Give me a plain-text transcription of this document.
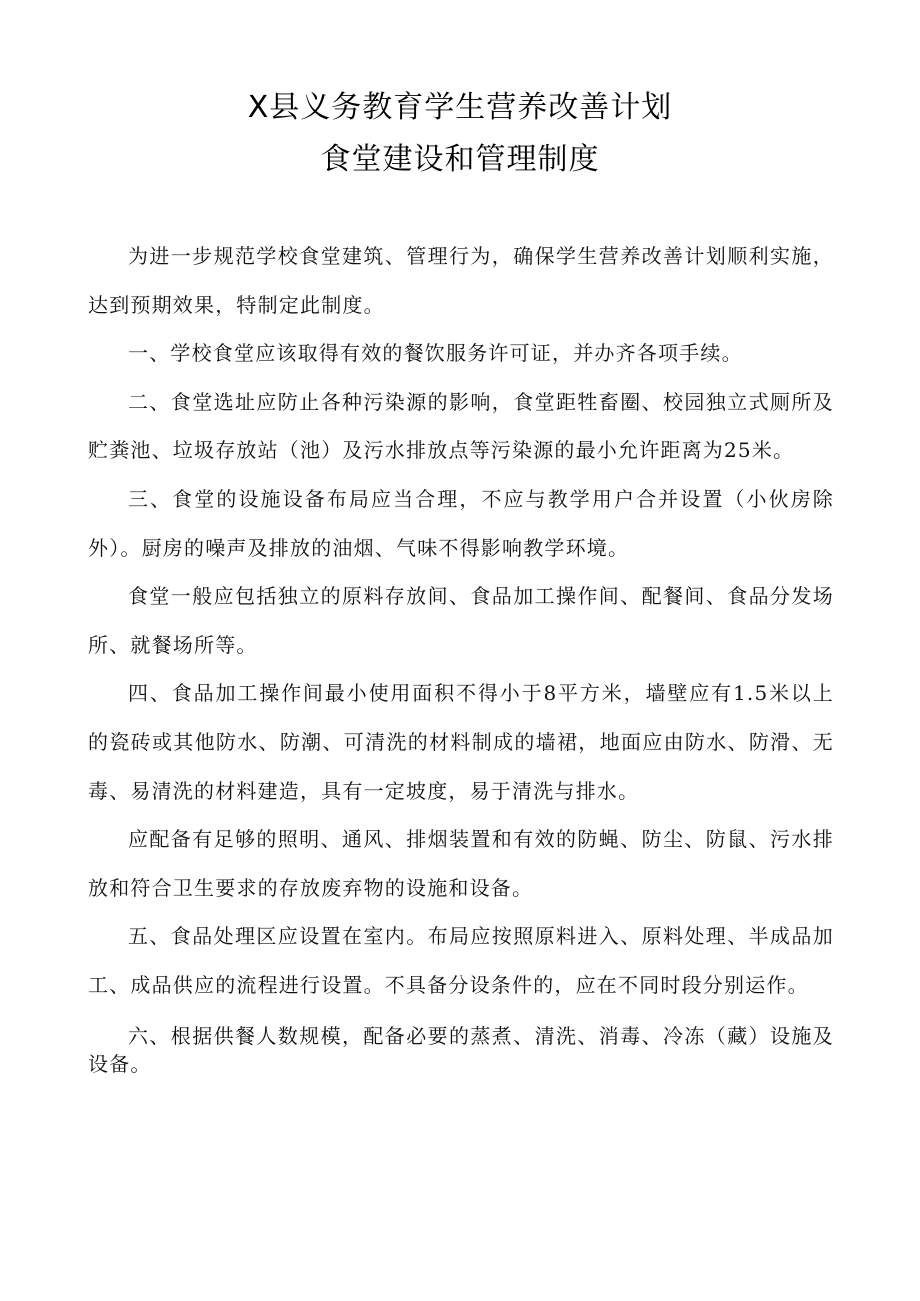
X县义务教育学生营养改善计划
食堂建设和管理制度

为进一步规范学校食堂建筑、管理行为，确保学生营养改善计划顺利实施，达到预期效果，特制定此制度。

一、学校食堂应该取得有效的餐饮服务许可证，并办齐各项手续。

二、食堂选址应防止各种污染源的影响，食堂距牲畜圈、校园独立式厕所及贮粪池、垃圾存放站（池）及污水排放点等污染源的最小允许距离为25米。

三、食堂的设施设备布局应当合理，不应与教学用户合并设置（小伙房除外）。厨房的噪声及排放的油烟、气味不得影响教学环境。

食堂一般应包括独立的原料存放间、食品加工操作间、配餐间、食品分发场所、就餐场所等。

四、食品加工操作间最小使用面积不得小于8平方米，墙壁应有1.5米以上的瓷砖或其他防水、防潮、可清洗的材料制成的墙裙，地面应由防水、防滑、无毒、易清洗的材料建造，具有一定坡度，易于清洗与排水。

应配备有足够的照明、通风、排烟装置和有效的防蝇、防尘、防鼠、污水排放和符合卫生要求的存放废弃物的设施和设备。

五、食品处理区应设置在室内。布局应按照原料进入、原料处理、半成品加工、成品供应的流程进行设置。不具备分设条件的，应在不同时段分别运作。

六、根据供餐人数规模，配备必要的蒸煮、清洗、消毒、冷冻（藏）设施及设备。
